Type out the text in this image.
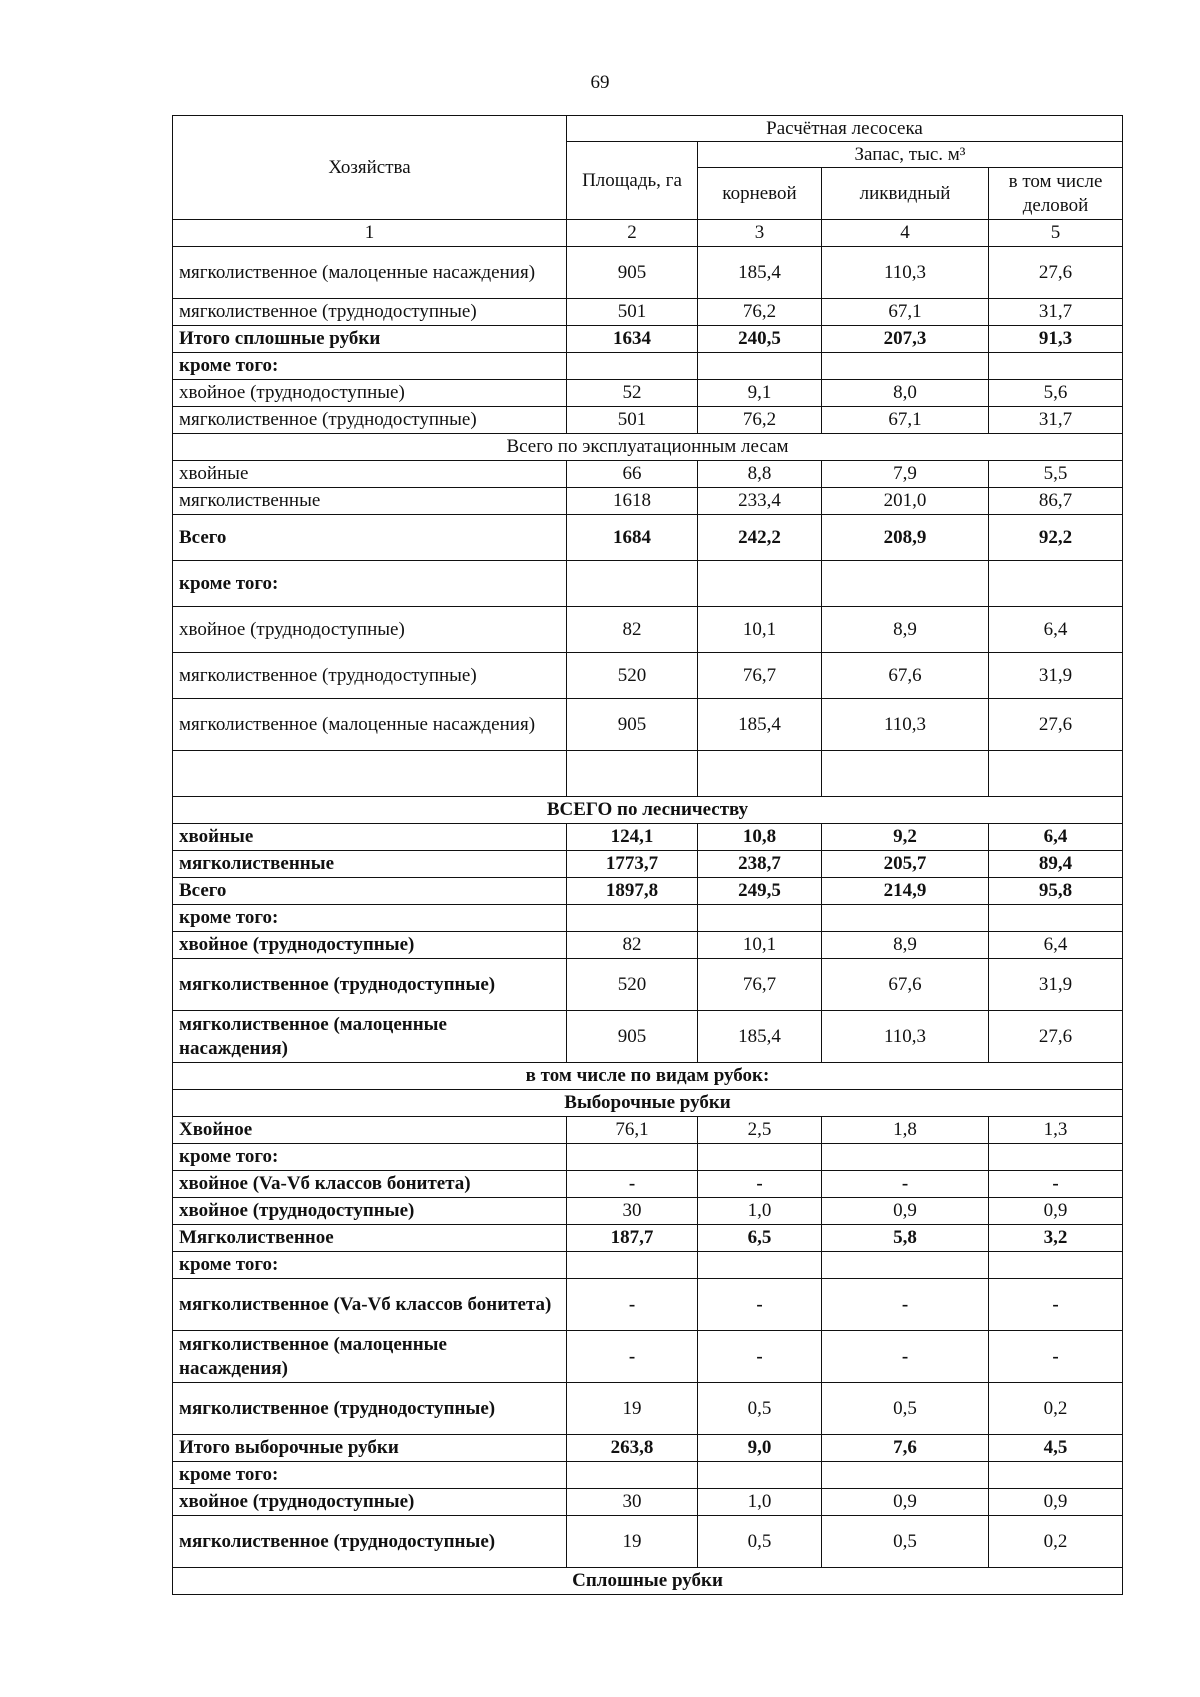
69
Хозяйства	Расчётная лесосека			
	Площадь, га	Запас, тыс. м³		
		корневой	ликвидный	в том числе деловой
1	2	3	4	5
мягколиственное (малоценные насаждения)	905	185,4	110,3	27,6
мягколиственное (труднодоступные)	501	76,2	67,1	31,7
Итого сплошные рубки	1634	240,5	207,3	91,3
кроме того:				
хвойное (труднодоступные)	52	9,1	8,0	5,6
мягколиственное (труднодоступные)	501	76,2	67,1	31,7
Всего по эксплуатационным лесам				
хвойные	66	8,8	7,9	5,5
мягколиственные	1618	233,4	201,0	86,7
Всего	1684	242,2	208,9	92,2
кроме того:				
хвойное (труднодоступные)	82	10,1	8,9	6,4
мягколиственное (труднодоступные)	520	76,7	67,6	31,9
мягколиственное (малоценные насаждения)	905	185,4	110,3	27,6

ВСЕГО по лесничеству				
хвойные	124,1	10,8	9,2	6,4
мягколиственные	1773,7	238,7	205,7	89,4
Всего	1897,8	249,5	214,9	95,8
кроме того:				
хвойное (труднодоступные)	82	10,1	8,9	6,4
мягколиственное (труднодоступные)	520	76,7	67,6	31,9
мягколиственное (малоценные насаждения)	905	185,4	110,3	27,6
в том числе по видам рубок:				
Выборочные рубки				
Хвойное	76,1	2,5	1,8	1,3
кроме того:				
хвойное (Va-Vб классов бонитета)	-	-	-	-
хвойное (труднодоступные)	30	1,0	0,9	0,9
Мягколиственное	187,7	6,5	5,8	3,2
кроме того:				
мягколиственное (Va-Vб классов бонитета)	-	-	-	-
мягколиственное (малоценные насаждения)	-	-	-	-
мягколиственное (труднодоступные)	19	0,5	0,5	0,2
Итого выборочные рубки	263,8	9,0	7,6	4,5
кроме того:				
хвойное (труднодоступные)	30	1,0	0,9	0,9
мягколиственное (труднодоступные)	19	0,5	0,5	0,2
Сплошные рубки				
